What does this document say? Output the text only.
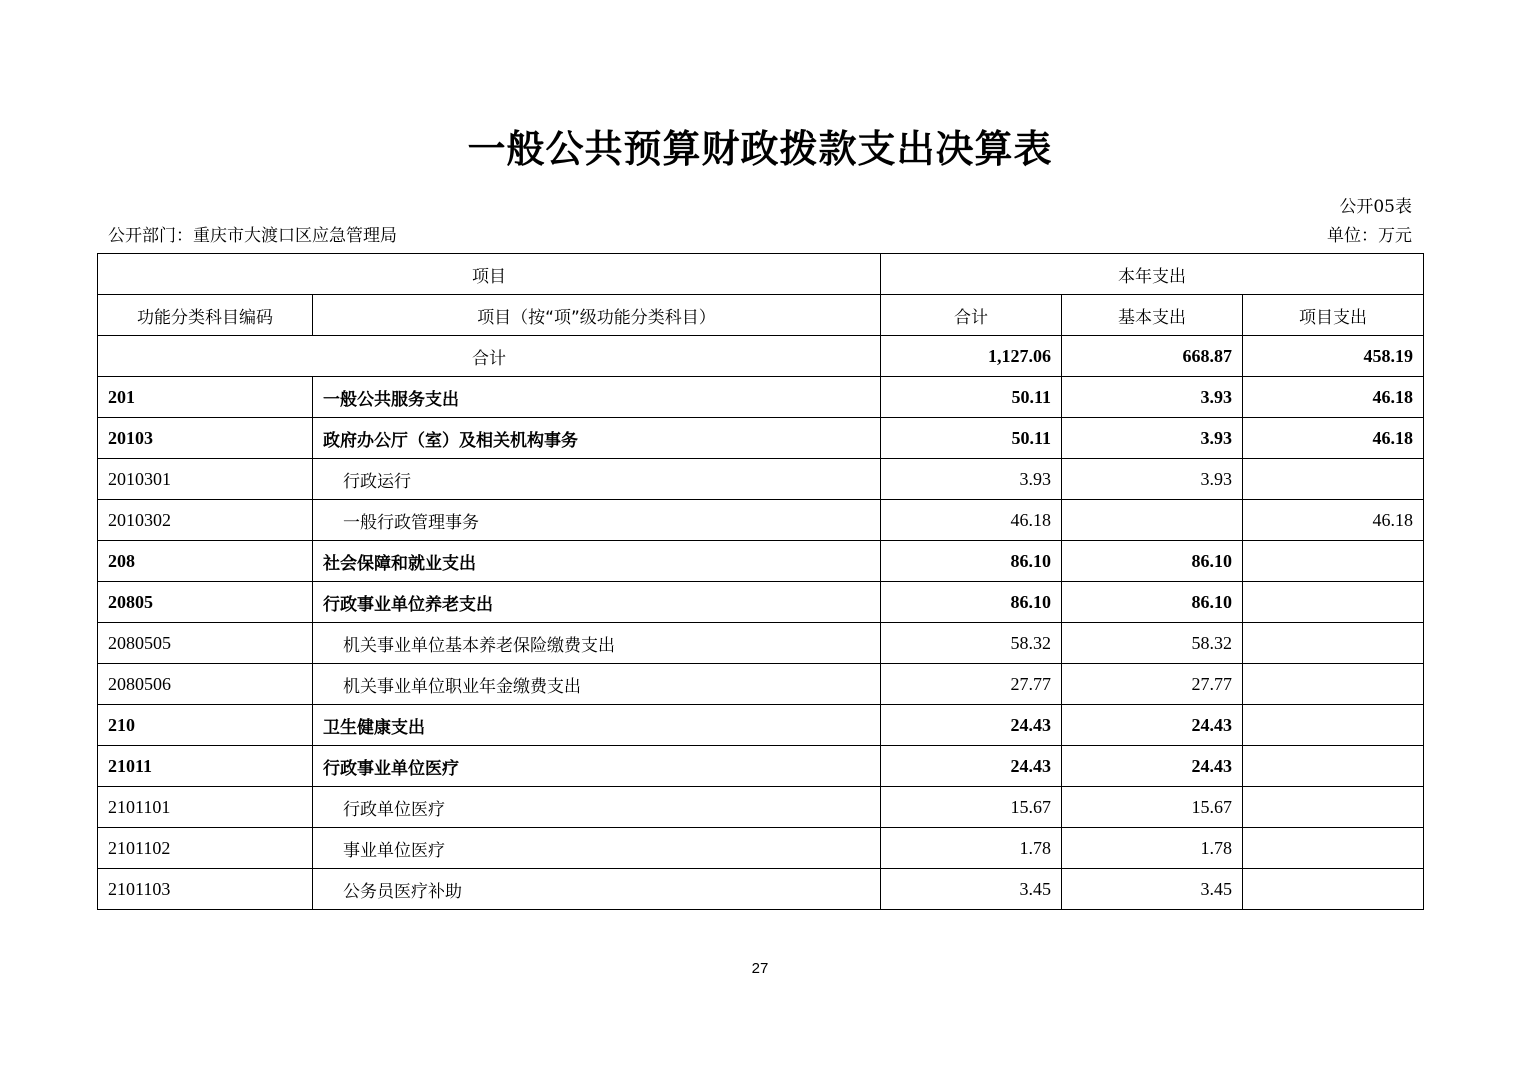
一般公共预算财政拨款支出决算表
公开05表
公开部门：重庆市大渡口区应急管理局	单位：万元
项目		本年支出		
功能分类科目编码	项目（按“项”级功能分类科目）	合计	基本支出	项目支出
合计		1,127.06	668.87	458.19
201	一般公共服务支出	50.11	3.93	46.18
20103	政府办公厅（室）及相关机构事务	50.11	3.93	46.18
2010301	行政运行	3.93	3.93	
2010302	一般行政管理事务	46.18		46.18
208	社会保障和就业支出	86.10	86.10	
20805	行政事业单位养老支出	86.10	86.10	
2080505	机关事业单位基本养老保险缴费支出	58.32	58.32	
2080506	机关事业单位职业年金缴费支出	27.77	27.77	
210	卫生健康支出	24.43	24.43	
21011	行政事业单位医疗	24.43	24.43	
2101101	行政单位医疗	15.67	15.67	
2101102	事业单位医疗	1.78	1.78	
2101103	公务员医疗补助	3.45	3.45	
27
